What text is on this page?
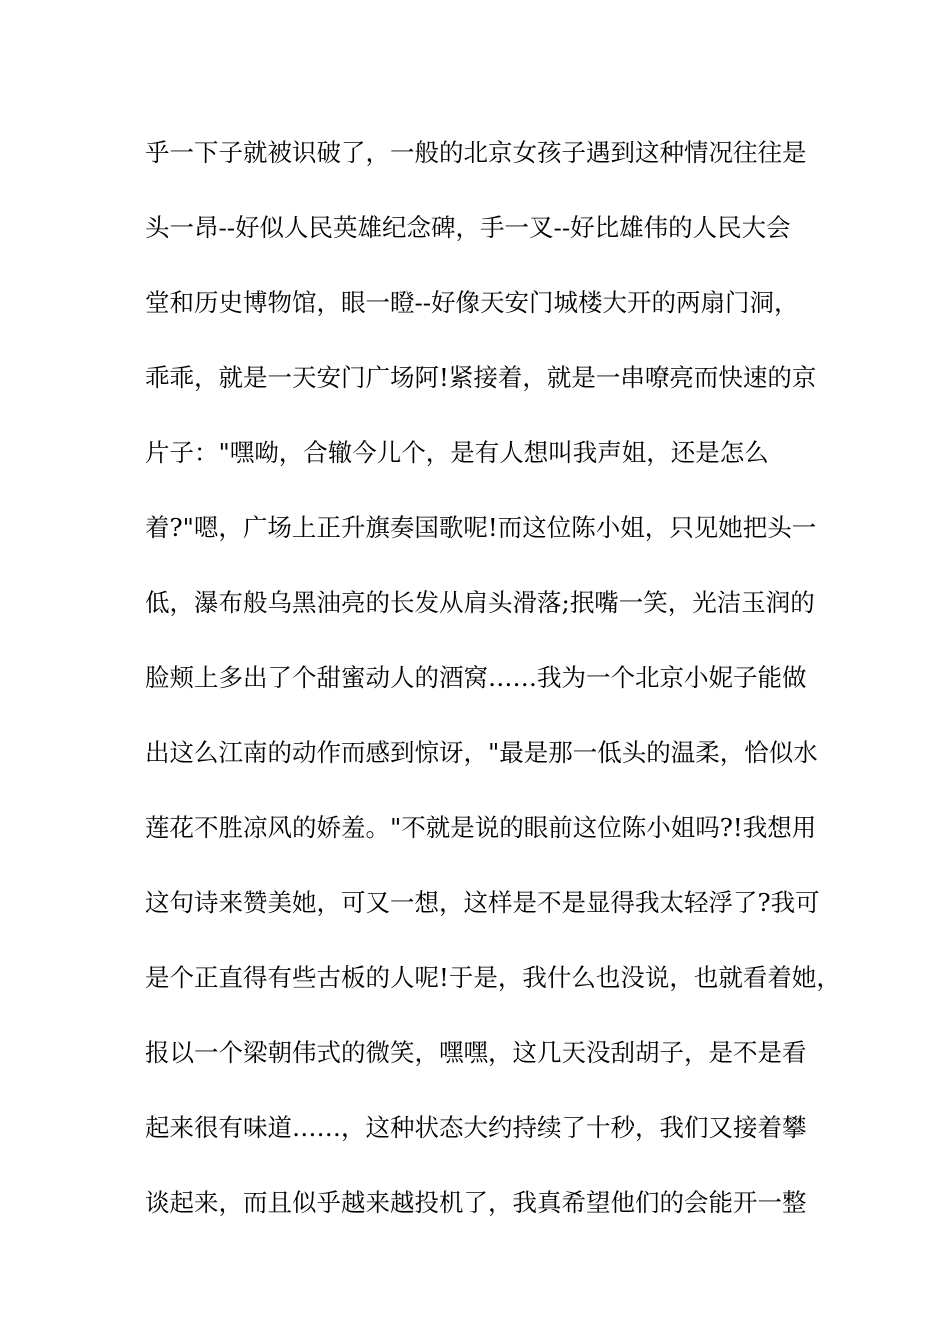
乎一下子就被识破了，一般的北京女孩子遇到这种情况往往是
头一昂--好似人民英雄纪念碑，手一叉--好比雄伟的人民大会
堂和历史博物馆，眼一瞪--好像天安门城楼大开的两扇门洞，
乖乖，就是一天安门广场阿!紧接着，就是一串嘹亮而快速的京
片子："嘿呦，合辙今儿个，是有人想叫我声姐，还是怎么
着?"嗯，广场上正升旗奏国歌呢!而这位陈小姐，只见她把头一
低，瀑布般乌黑油亮的长发从肩头滑落;抿嘴一笑，光洁玉润的
脸颊上多出了个甜蜜动人的酒窝……我为一个北京小妮子能做
出这么江南的动作而感到惊讶，"最是那一低头的温柔，恰似水
莲花不胜凉风的娇羞。"不就是说的眼前这位陈小姐吗?!我想用
这句诗来赞美她，可又一想，这样是不是显得我太轻浮了?我可
是个正直得有些古板的人呢!于是，我什么也没说，也就看着她，
报以一个梁朝伟式的微笑，嘿嘿，这几天没刮胡子，是不是看
起来很有味道……，这种状态大约持续了十秒，我们又接着攀
谈起来，而且似乎越来越投机了，我真希望他们的会能开一整
